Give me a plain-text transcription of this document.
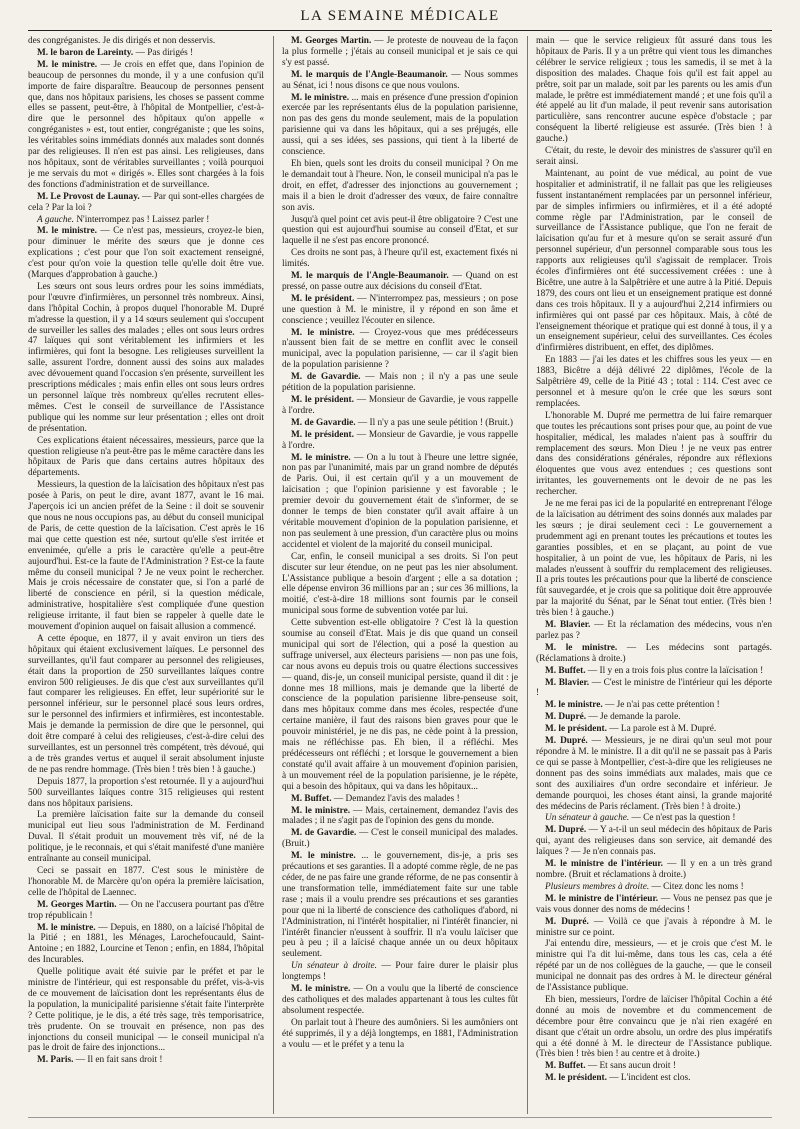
LA SEMAINE MÉDICALE

des congréganistes. Je dis dirigés et non desservis.

M. le baron de Lareinty. — Pas dirigés !

M. le ministre. — Je crois en effet que, dans l'opinion de beaucoup de personnes du monde, il y a une confusion qu'il importe de faire disparaître. Beaucoup de personnes pensent que, dans nos hôpitaux parisiens, les choses se passent comme elles se passent, peut-être, à l'hôpital de Montpellier, c'est-à-dire que le personnel des hôpitaux qu'on appelle « congréganistes » est, tout entier, congréganiste ; que les soins, les véritables soins immédiats donnés aux malades sont donnés par des religieuses. Il n'en est pas ainsi. Les religieuses, dans nos hôpitaux, sont de véritables surveillantes ; voilà pourquoi je me servais du mot « dirigés ». Elles sont chargées à la fois des fonctions d'administration et de surveillance.

M. Le Provost de Launay. — Par qui sont-elles chargées de cela ? Par la loi ?

A gauche. N'interrompez pas ! Laissez parler !

M. le ministre. — Ce n'est pas, messieurs, croyez-le bien, pour diminuer le mérite des sœurs que je donne ces explications ; c'est pour que l'on soit exactement renseigné, c'est pour qu'on voie la question telle qu'elle doit être vue. (Marques d'approbation à gauche.)

Les sœurs ont sous leurs ordres pour les soins immédiats, pour l'œuvre d'infirmières, un personnel très nombreux. Ainsi, dans l'hôpital Cochin, à propos duquel l'honorable M. Dupré m'adresse la question, il y a 14 sœurs seulement qui s'occupent de surveiller les salles des malades ; elles ont sous leurs ordres 47 laïques qui sont véritablement les infirmiers et les infirmières, qui font la besogne. Les religieuses surveillent la salle, assurent l'ordre, donnent aussi des soins aux malades avec dévouement quand l'occasion s'en présente, surveillent les prescriptions médicales ; mais enfin elles ont sous leurs ordres un personnel laïque très nombreux qu'elles recrutent elles-mêmes. C'est le conseil de surveillance de l'Assistance publique qui les nomme sur leur présentation ; elles ont droit de présentation.

Ces explications étaient nécessaires, messieurs, parce que la question religieuse n'a peut-être pas le même caractère dans les hôpitaux de Paris que dans certains autres hôpitaux des départements.

Messieurs, la question de la laïcisation des hôpitaux n'est pas posée à Paris, on peut le dire, avant 1877, avant le 16 mai. J'aperçois ici un ancien préfet de la Seine : il doit se souvenir que nous ne nous occupions pas, au début du conseil municipal de Paris, de cette question de la laïcisation. C'est après le 16 mai que cette question est née, surtout qu'elle s'est irritée et envenimée, qu'elle a pris le caractère qu'elle a peut-être aujourd'hui. Est-ce la faute de l'Administration ? Est-ce la faute même du conseil municipal ? Je ne veux point le rechercher. Mais je crois nécessaire de constater que, si l'on a parlé de liberté de conscience en péril, si la question médicale, administrative, hospitalière s'est compliquée d'une question religieuse irritante, il faut bien se rappeler à quelle date le mouvement d'opinion auquel on faisait allusion a commencé.

A cette époque, en 1877, il y avait environ un tiers des hôpitaux qui étaient exclusivement laïques. Le personnel des surveillantes, qu'il faut comparer au personnel des religieuses, était dans la proportion de 250 surveillantes laïques contre environ 500 religieuses. Je dis que c'est aux surveillantes qu'il faut comparer les religieuses. En effet, leur supériorité sur le personnel inférieur, sur le personnel placé sous leurs ordres, sur le personnel des infirmiers et infirmières, est incontestable. Mais je demande la permission de dire que le personnel, qui doit être comparé à celui des religieuses, c'est-à-dire celui des surveillantes, est un personnel très compétent, très dévoué, qui a de très grandes vertus et auquel il serait absolument injuste de ne pas rendre hommage. (Très bien ! très bien ! à gauche.)

Depuis 1877, la proportion s'est retournée. Il y a aujourd'hui 500 surveillantes laïques contre 315 religieuses qui restent dans nos hôpitaux parisiens.

La première laïcisation faite sur la demande du conseil municipal eut lieu sous l'administration de M. Ferdinand Duval. Il s'était produit un mouvement très vif, né de la politique, je le reconnais, et qui s'était manifesté d'une manière entraînante au conseil municipal.

Ceci se passait en 1877. C'est sous le ministère de l'honorable M. de Marcère qu'on opéra la première laïcisation, celle de l'hôpital de Laennec.

M. Georges Martin. — On ne l'accusera pourtant pas d'être trop républicain !

M. le ministre. — Depuis, en 1880, on a laïcisé l'hôpital de la Pitié ; en 1881, les Ménages, Larochefoucauld, Saint-Antoine ; en 1882, Lourcine et Tenon ; enfin, en 1884, l'hôpital des Incurables.

Quelle politique avait été suivie par le préfet et par le ministre de l'intérieur, qui est responsable du préfet, vis-à-vis de ce mouvement de laïcisation dont les représentants élus de la population, la municipalité parisienne s'était faite l'interprète ? Cette politique, je le dis, a été très sage, très temporisatrice, très prudente. On se trouvait en présence, non pas des injonctions du conseil municipal — le conseil municipal n'a pas le droit de faire des injonctions...

M. Paris. — Il en fait sans droit !

M. Georges Martin. — Je proteste de nouveau de la façon la plus formelle ; j'étais au conseil municipal et je sais ce qui s'y est passé.

M. le marquis de l'Angle-Beaumanoir. — Nous sommes au Sénat, ici ! nous disons ce que nous voulons.

M. le ministre. ... mais en présence d'une pression d'opinion exercée par les représentants élus de la population parisienne, non pas des gens du monde seulement, mais de la population parisienne qui va dans les hôpitaux, qui a ses préjugés, elle aussi, qui a ses idées, ses passions, qui tient à la liberté de conscience.

Eh bien, quels sont les droits du conseil municipal ? On me le demandait tout à l'heure. Non, le conseil municipal n'a pas le droit, en effet, d'adresser des injonctions au gouvernement ; mais il a bien le droit d'adresser des vœux, de faire connaître son avis.

Jusqu'à quel point cet avis peut-il être obligatoire ? C'est une question qui est aujourd'hui soumise au conseil d'Etat, et sur laquelle il ne s'est pas encore prononcé.

Ces droits ne sont pas, à l'heure qu'il est, exactement fixés ni limités.

M. le marquis de l'Angle-Beaumanoir. — Quand on est pressé, on passe outre aux décisions du conseil d'Etat.

M. le président. — N'interrompez pas, messieurs ; on pose une question à M. le ministre, il y répond en son âme et conscience ; veuillez l'écouter en silence.

M. le ministre. — Croyez-vous que mes prédécesseurs n'aussent bien fait de se mettre en conflit avec le conseil municipal, avec la population parisienne, — car il s'agit bien de la population parisienne ?

M. de Gavardie. — Mais non ; il n'y a pas une seule pétition de la population parisienne.

M. le président. — Monsieur de Gavardie, je vous rappelle à l'ordre.

M. de Gavardie. — Il n'y a pas une seule pétition ! (Bruit.)

M. le président. — Monsieur de Gavardie, je vous rappelle à l'ordre.

M. le ministre. — On a lu tout à l'heure une lettre signée, non pas par l'unanimité, mais par un grand nombre de députés de Paris. Oui, il est certain qu'il y a un mouvement de laïcisation ; que l'opinion parisienne y est favorable ; le premier devoir du gouvernement était de s'informer, de se donner le temps de bien constater qu'il avait affaire à un véritable mouvement d'opinion de la population parisienne, et non pas seulement à une pression, d'un caractère plus ou moins accidentel et violent de la majorité du conseil municipal.

Car, enfin, le conseil municipal a ses droits. Si l'on peut discuter sur leur étendue, on ne peut pas les nier absolument. L'Assistance publique a besoin d'argent ; elle a sa dotation ; elle dépense environ 36 millions par an ; sur ces 36 millions, la moitié, c'est-à-dire 18 millions sont fournis par le conseil municipal sous forme de subvention votée par lui.

Cette subvention est-elle obligatoire ? C'est là la question soumise au conseil d'Etat. Mais je dis que quand un conseil municipal qui sort de l'élection, qui a posé la question au suffrage universel, aux électeurs parisiens — non pas une fois, car nous avons eu depuis trois ou quatre élections successives — quand, dis-je, un conseil municipal persiste, quand il dit : je donne mes 18 millions, mais je demande que la liberté de conscience de la population parisienne libre-penseuse soit, dans mes hôpitaux comme dans mes écoles, respectée d'une certaine manière, il faut des raisons bien graves pour que le pouvoir ministériel, je ne dis pas, ne cède point à la pression, mais ne réfléchisse pas. Eh bien, il a réfléchi. Mes prédécesseurs ont réfléchi ; et lorsque le gouvernement a bien constaté qu'il avait affaire à un mouvement d'opinion parisien, à un mouvement réel de la population parisienne, je le répète, qui a besoin des hôpitaux, qui va dans les hôpitaux...

M. Buffet. — Demandez l'avis des malades !

M. le ministre. — Mais, certainement, demandez l'avis des malades ; il ne s'agit pas de l'opinion des gens du monde.

M. de Gavardie. — C'est le conseil municipal des malades. (Bruit.)

M. le ministre. ... le gouvernement, dis-je, a pris ses précautions et ses garanties. Il a adopté comme règle, de ne pas céder, de ne pas faire une grande réforme, de ne pas consentir à une transformation telle, immédiatement faite sur une table rase ; mais il a voulu prendre ses précautions et ses garanties pour que ni la liberté de conscience des catholiques d'abord, ni l'Administration, ni l'intérêt hospitalier, ni l'intérêt financier, ni l'intérêt financier n'eussent à souffrir. Il n'a voulu laïciser que peu à peu ; il a laïcisé chaque année un ou deux hôpitaux seulement.

Un sénateur à droite. — Pour faire durer le plaisir plus longtemps !

M. le ministre. — On a voulu que la liberté de conscience des catholiques et des malades appartenant à tous les cultes fût absolument respectée.

On parlait tout à l'heure des aumôniers. Si les aumôniers ont été supprimés, il y a déjà longtemps, en 1881, l'Administration a voulu — et le préfet y a tenu la

main — que le service religieux fût assuré dans tous les hôpitaux de Paris. Il y a un prêtre qui vient tous les dimanches célébrer le service religieux ; tous les samedis, il se met à la disposition des malades. Chaque fois qu'il est fait appel au prêtre, soit par un malade, soit par les parents ou les amis d'un malade, le prêtre est immédiatement mandé ; et une fois qu'il a été appelé au lit d'un malade, il peut revenir sans autorisation particulière, sans rencontrer aucune espèce d'obstacle ; par conséquent la liberté religieuse est assurée. (Très bien ! à gauche.)

C'était, du reste, le devoir des ministres de s'assurer qu'il en serait ainsi.

Maintenant, au point de vue médical, au point de vue hospitalier et administratif, il ne fallait pas que les religieuses fussent instantanément remplacées par un personnel inférieur, par de simples infirmiers ou infirmières, et il a été adopté comme règle par l'Administration, par le conseil de surveillance de l'Assistance publique, que l'on ne ferait de laïcisation qu'au fur et à mesure qu'on se serait assuré d'un personnel supérieur, d'un personnel comparable sous tous les rapports aux religieuses qu'il s'agissait de remplacer. Trois écoles d'infirmières ont été successivement créées : une à Bicêtre, une autre à la Salpêtrière et une autre à la Pitié. Depuis 1879, des cours ont lieu et un enseignement pratique est donné dans ces trois hôpitaux. Il y a aujourd'hui 2,214 infirmiers ou infirmières qui ont passé par ces hôpitaux. Mais, à côté de l'enseignement théorique et pratique qui est donné à tous, il y a un enseignement supérieur, celui des surveillantes. Ces écoles d'infirmières distribuent, en effet, des diplômes.

En 1883 — j'ai les dates et les chiffres sous les yeux — en 1883, Bicêtre a déjà délivré 22 diplômes, l'école de la Salpêtrière 49, celle de la Pitié 43 ; total : 114. C'est avec ce personnel et à mesure qu'on le crée que les sœurs sont remplacées.

L'honorable M. Dupré me permettra de lui faire remarquer que toutes les précautions sont prises pour que, au point de vue hospitalier, médical, les malades n'aient pas à souffrir du remplacement des sœurs. Mon Dieu ! je ne veux pas entrer dans des considérations générales, répondre aux réflexions éloquentes que vous avez entendues ; ces questions sont irritantes, les gouvernements ont le devoir de ne pas les rechercher.

Je ne me ferai pas ici de la popularité en entreprenant l'éloge de la laïcisation au détriment des soins donnés aux malades par les sœurs ; je dirai seulement ceci : Le gouvernement a prudemment agi en prenant toutes les précautions et toutes les garanties possibles, et en se plaçant, au point de vue hospitalier, à un point de vue, les hôpitaux de Paris, ni les malades n'eussent à souffrir du remplacement des religieuses. Il a pris toutes les précautions pour que la liberté de conscience fût sauvegardée, et je crois que sa politique doit être approuvée par la majorité du Sénat, par le Sénat tout entier. (Très bien ! très bien ! à gauche.)

M. Blavier. — Et la réclamation des médecins, vous n'en parlez pas ?

M. le ministre. — Les médecins sont partagés. (Réclamations à droite.)

M. Buffet. — Il y en a trois fois plus contre la laïcisation !

M. Blavier. — C'est le ministre de l'intérieur qui les déporte !

M. le ministre. — Je n'ai pas cette prétention !

M. Dupré. — Je demande la parole.

M. le président. — La parole est à M. Dupré.

M. Dupré. — Messieurs, je ne dirai qu'un seul mot pour répondre à M. le ministre. Il a dit qu'il ne se passait pas à Paris ce qui se passe à Montpellier, c'est-à-dire que les religieuses ne donnent pas des soins immédiats aux malades, mais que ce sont des auxiliaires d'un ordre secondaire et inférieur. Je demande pourquoi, les choses étant ainsi, la grande majorité des médecins de Paris réclament. (Très bien ! à droite.)

Un sénateur à gauche. — Ce n'est pas la question !

M. Dupré. — Y a-t-il un seul médecin des hôpitaux de Paris qui, ayant des religieuses dans son service, ait demandé des laïques ? — Je n'en connais pas.

M. le ministre de l'intérieur. — Il y en a un très grand nombre. (Bruit et réclamations à droite.)

Plusieurs membres à droite. — Citez donc les noms !

M. le ministre de l'intérieur. — Vous ne pensez pas que je vais vous donner des noms de médecins !

M. Dupré. — Voilà ce que j'avais à répondre à M. le ministre sur ce point.

J'ai entendu dire, messieurs, — et je crois que c'est M. le ministre qui l'a dit lui-même, dans tous les cas, cela a été répété par un de nos collègues de la gauche, — que le conseil municipal ne donnait pas des ordres à M. le directeur général de l'Assistance publique.

Eh bien, messieurs, l'ordre de laïciser l'hôpital Cochin a été donné au mois de novembre et du commencement de décembre pour être convaincu que je n'ai rien exagéré en disant que c'était un ordre absolu, un ordre des plus impératifs qui a été donné à M. le directeur de l'Assistance publique. (Très bien ! très bien ! au centre et à droite.)

M. Buffet. — Et sans aucun droit !

M. le président. — L'incident est clos.
